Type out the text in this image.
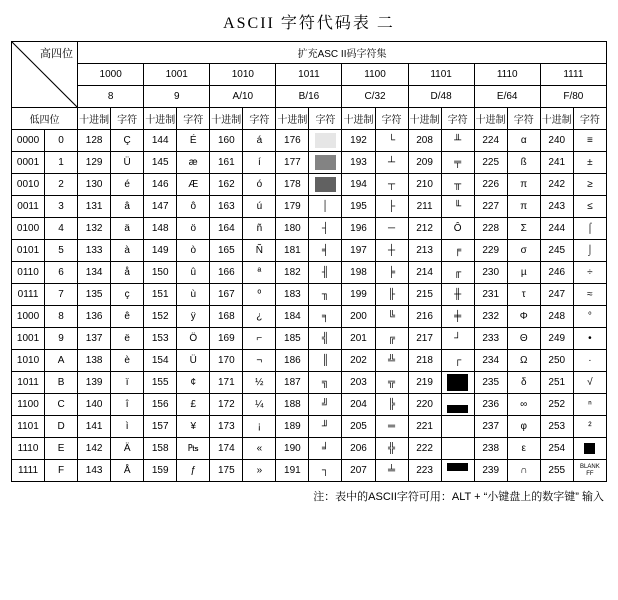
ASCII 字符代码表 二
高四位		扩充ASC II码字符集															
		1000		1001		1010		1011		1100		1101		1110		1111	
		8		9		A/10		B/16		C/32		D/48		E/64		F/80	
低四位		十进制	字符	十进制	字符	十进制	字符	十进制	字符	十进制	字符	十进制	字符	十进制	字符	十进制	字符
0000	0	128	Ç	144	É	160	á	176		192	└	208	╨	224	α	240	≡
0001	1	129	Ü	145	æ	161	í	177		193	┴	209	╤	225	ß	241	±
0010	2	130	é	146	Æ	162	ó	178		194	┬	210	╥	226	π	242	≥
0011	3	131	â	147	ô	163	ú	179	│	195	├	211	╙	227	π	243	≤
0100	4	132	ä	148	ö	164	ñ	180	┤	196	─	212	Ô	228	Σ	244	⌠
0101	5	133	à	149	ò	165	Ñ	181	╡	197	┼	213	╒	229	σ	245	⌡
0110	6	134	å	150	û	166	ª	182	╢	198	╞	214	╓	230	µ	246	÷
0111	7	135	ç	151	ù	167	º	183	╖	199	╟	215	╫	231	τ	247	≈
1000	8	136	ê	152	ÿ	168	¿	184	╕	200	╚	216	╪	232	Φ	248	°
1001	9	137	ë	153	Ö	169	⌐	185	╣	201	╔	217	┘	233	Θ	249	•
1010	A	138	è	154	Ü	170	¬	186	║	202	╩	218	┌	234	Ω	250	·
1011	B	139	ï	155	¢	171	½	187	╗	203	╦	219		235	δ	251	√
1100	C	140	î	156	£	172	¼	188	╝	204	╠	220		236	∞	252	ⁿ
1101	D	141	ì	157	¥	173	¡	189	╜	205	═	221		237	φ	253	²
1110	E	142	Ä	158	₧	174	«	190	╛	206	╬	222		238	ε	254	

1111	F	143	Å	159	ƒ	175	»	191	┐	207	╧	223		239	∩	255	BLANK
FF
注：表中的ASCII字符可用：ALT + “小键盘上的数字键” 输入
